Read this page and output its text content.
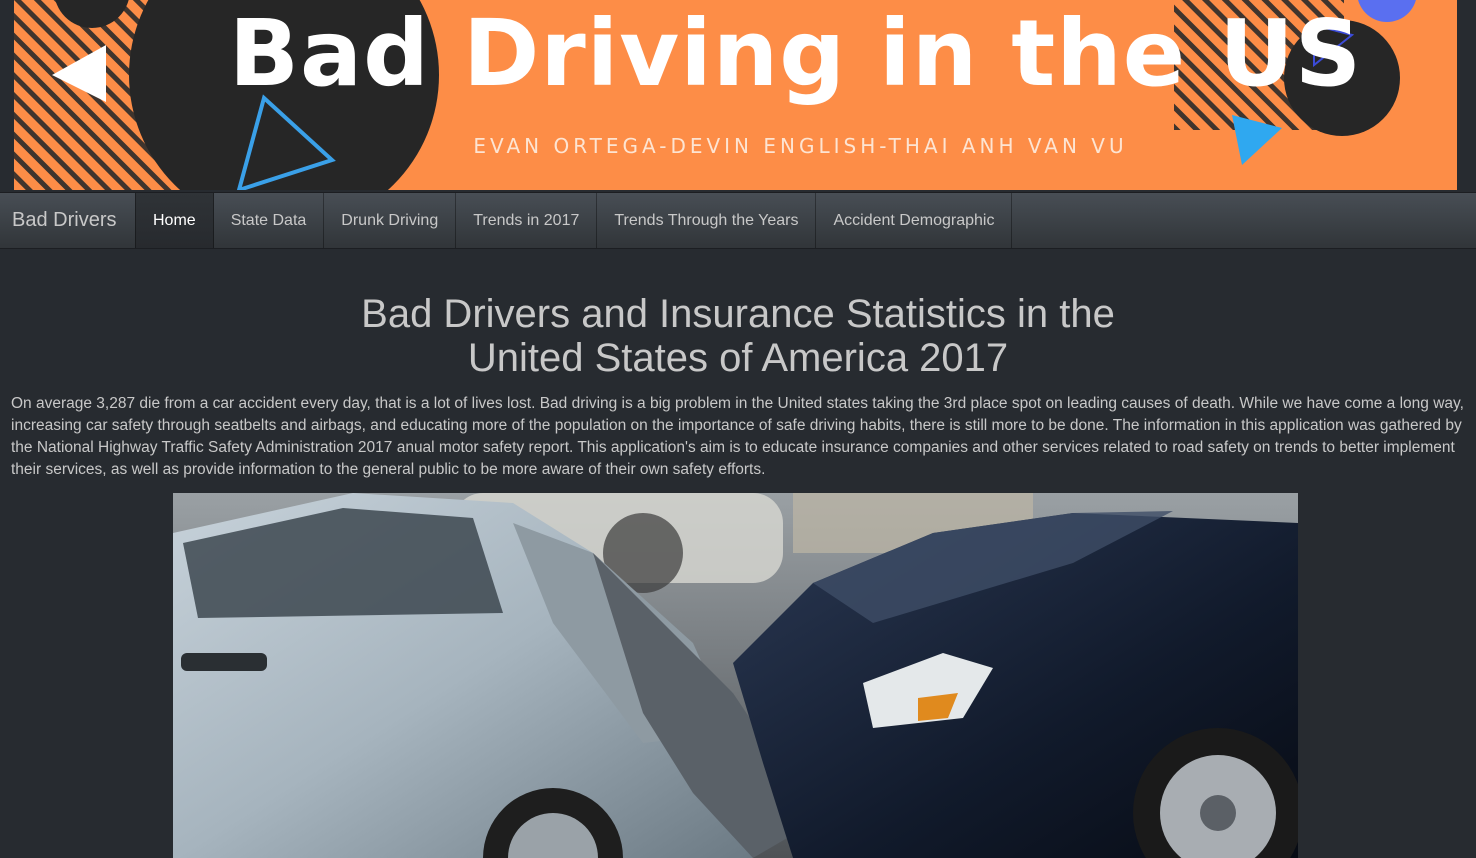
Bad Driving in the US
EVAN ORTEGA-DEVIN ENGLISH-THAI ANH VAN VU
Bad Drivers	Home	State Data	Drunk Driving	Trends in 2017	Trends Through the Years	Accident Demographic
Bad Drivers and Insurance Statistics in the
United States of America 2017

On average 3,287 die from a car accident every day, that is a lot of lives lost. Bad driving is a big problem in the United states taking the 3rd place spot on leading causes of death. While we have come a long way, increasing car safety through seatbelts and airbags, and educating more of the population on the importance of safe driving habits, there is still more to be done. The information in this application was gathered by the National Highway Traffic Safety Administration 2017 anual motor safety report. This application's aim is to educate insurance companies and other services related to road safety on trends to better implement their services, as well as provide information to the general public to be more aware of their own safety efforts.
